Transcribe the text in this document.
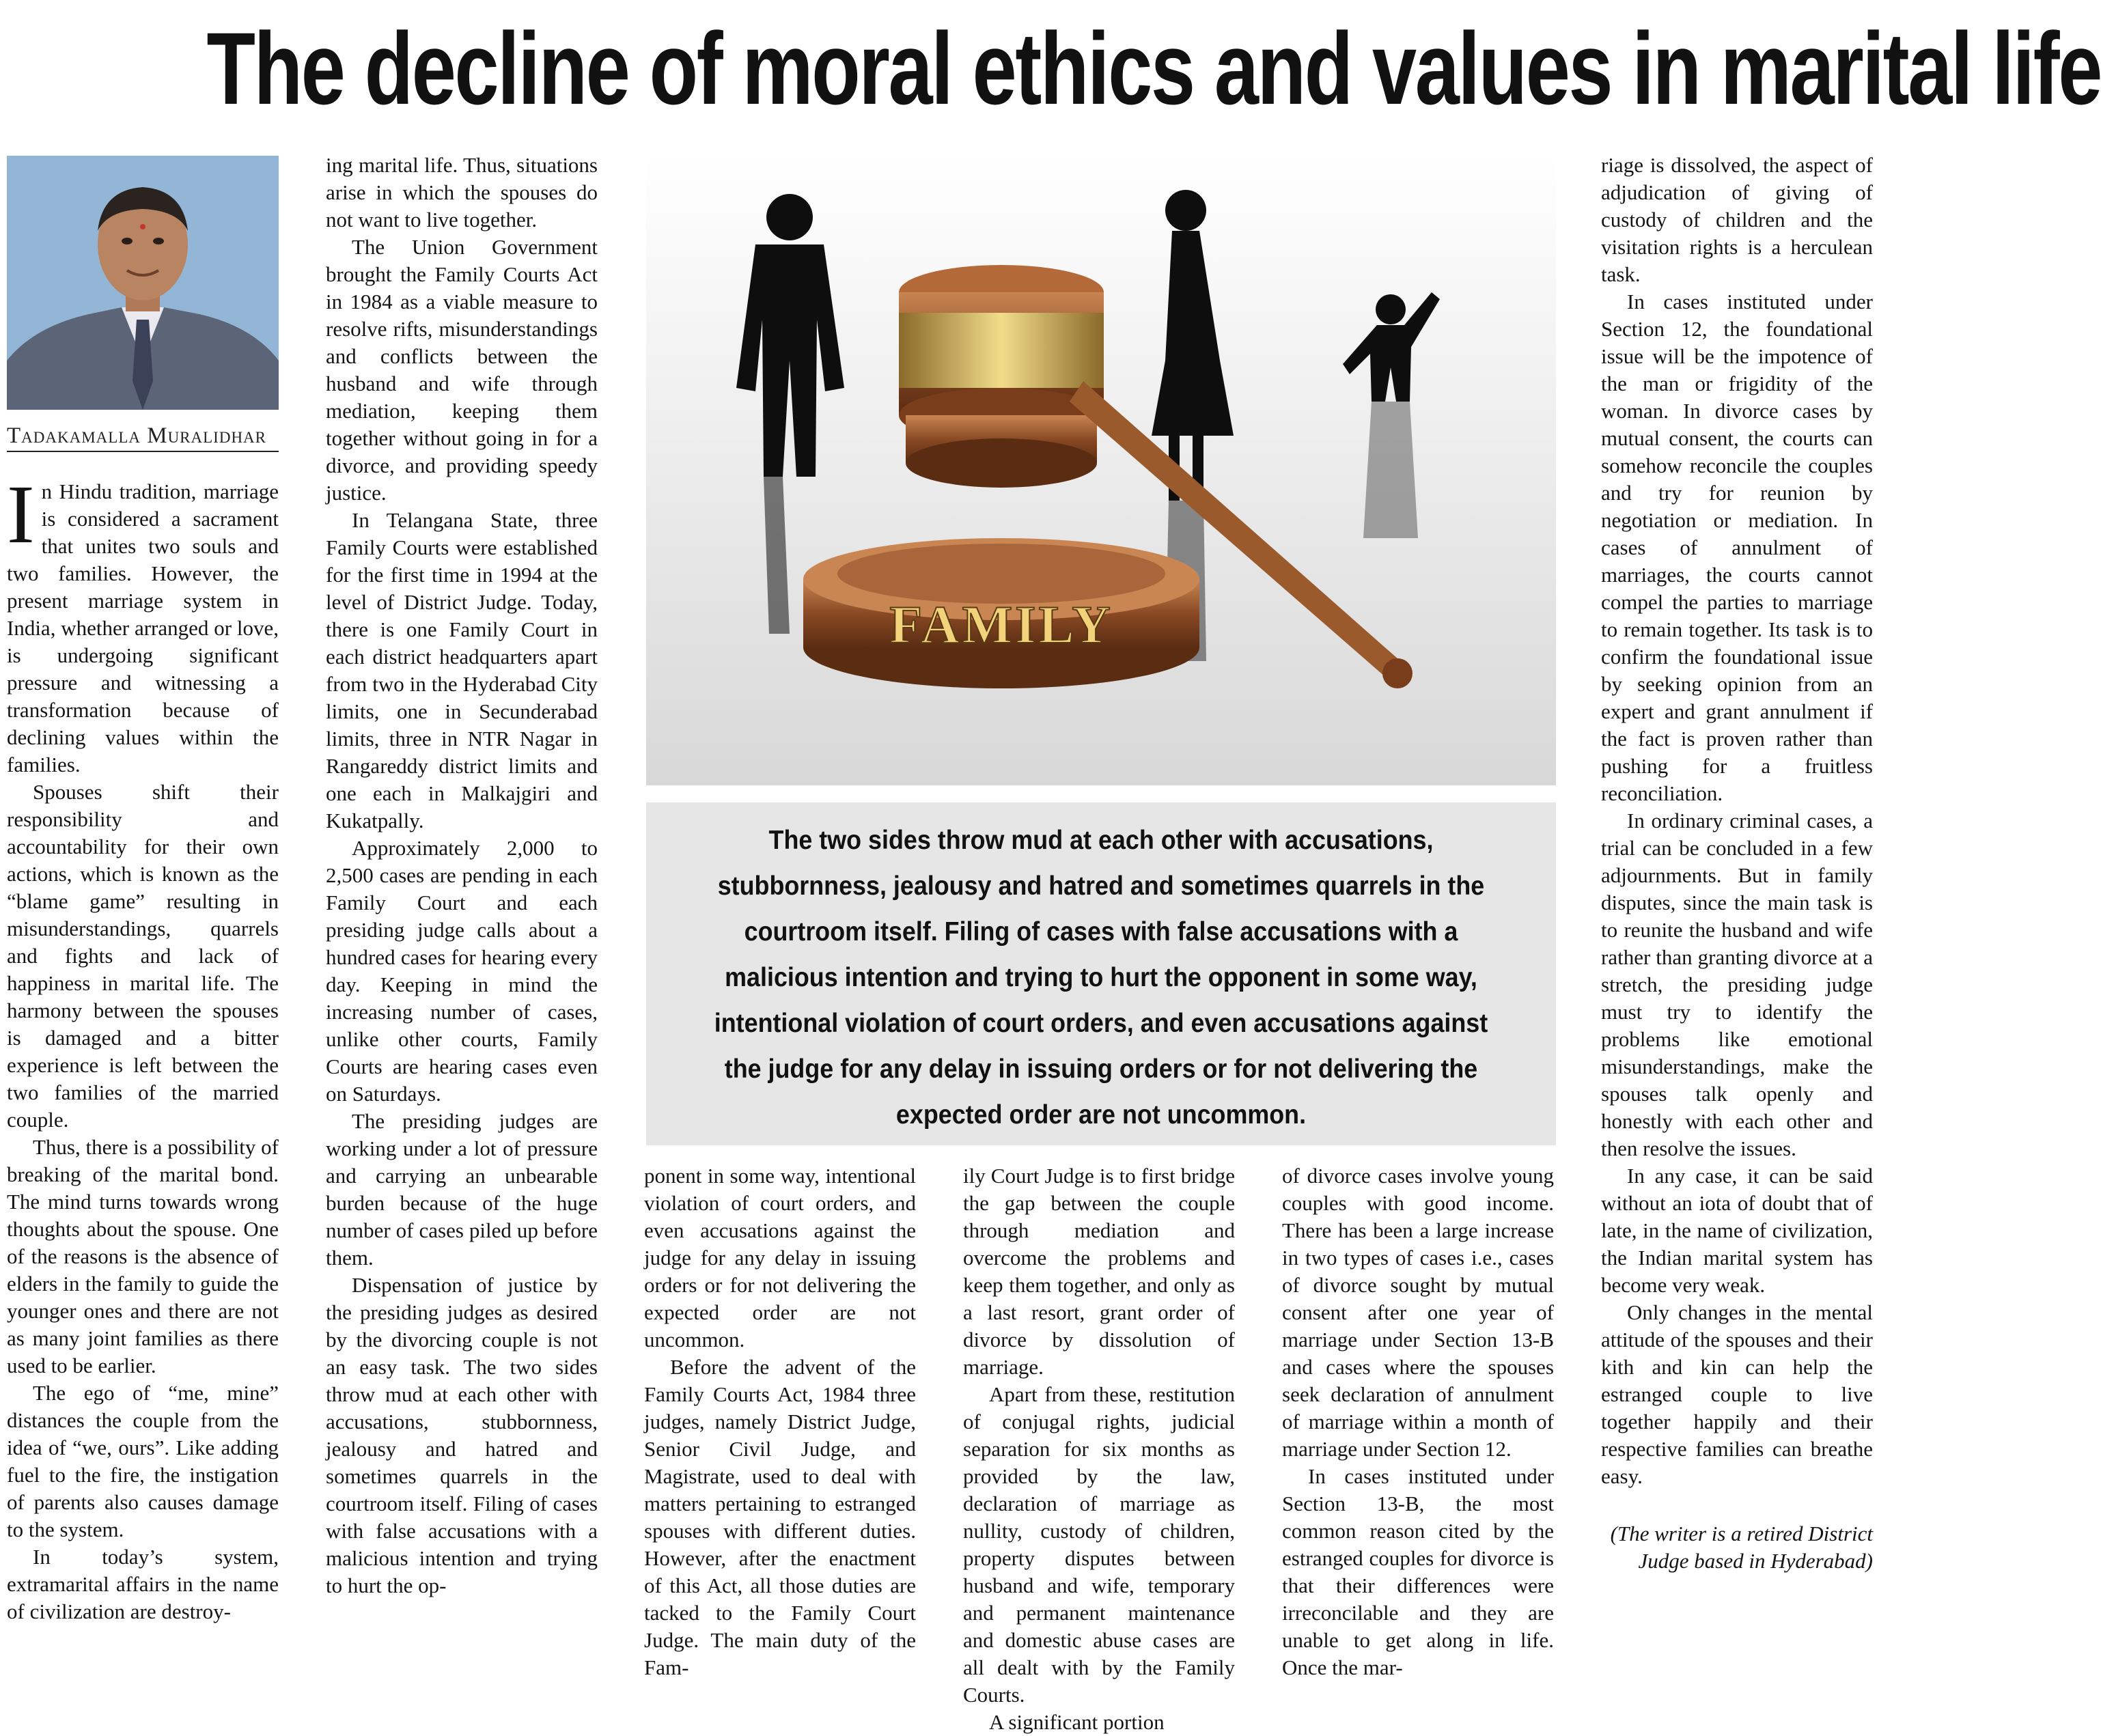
The decline of moral ethics and values in marital life
Tadakamalla Muralidhar

In Hindu tradition, marriage is considered a sacrament that unites two souls and two families. However, the present marriage system in India, whether arranged or love, is undergoing significant pressure and witnessing a transformation because of declining values within the families.

Spouses shift their responsibility and accountability for their own actions, which is known as the “blame game” resulting in misunderstandings, quarrels and fights and lack of happiness in marital life. The harmony between the spouses is damaged and a bitter experience is left between the two families of the married couple.

Thus, there is a possibility of breaking of the marital bond. The mind turns towards wrong thoughts about the spouse. One of the reasons is the absence of elders in the family to guide the younger ones and there are not as many joint families as there used to be earlier.

The ego of “me, mine” distances the couple from the idea of “we, ours”. Like adding fuel to the fire, the instigation of parents also causes damage to the system.

In today’s system, extramarital affairs in the name of civilization are destroy-

ing marital life. Thus, situations arise in which the spouses do not want to live together.

The Union Government brought the Family Courts Act in 1984 as a viable measure to resolve rifts, misunderstandings and conflicts between the husband and wife through mediation, keeping them together without going in for a divorce, and providing speedy justice.

In Telangana State, three Family Courts were established for the first time in 1994 at the level of District Judge. Today, there is one Family Court in each district headquarters apart from two in the Hyderabad City limits, one in Secunderabad limits, three in NTR Nagar in Rangareddy district limits and one each in Malkajgiri and Kukatpally.

Approximately 2,000 to 2,500 cases are pending in each Family Court and each presiding judge calls about a hundred cases for hearing every day. Keeping in mind the increasing number of cases, unlike other courts, Family Courts are hearing cases even on Saturdays.

The presiding judges are working under a lot of pressure and carrying an unbearable burden because of the huge number of cases piled up before them.

Dispensation of justice by the presiding judges as desired by the divorcing couple is not an easy task. The two sides throw mud at each other with accusations, stubbornness, jealousy and hatred and sometimes quarrels in the courtroom itself. Filing of cases with false accusations with a malicious intention and trying to hurt the op-

FAMILY
The two sides throw mud at each other with accusations, stubbornness, jealousy and hatred and sometimes quarrels in the courtroom itself. Filing of cases with false accusations with a malicious intention and trying to hurt the opponent in some way, intentional violation of court orders, and even accusations against the judge for any delay in issuing orders or for not delivering the expected order are not uncommon.

ponent in some way, intentional violation of court orders, and even accusations against the judge for any delay in issuing orders or for not delivering the expected order are not uncommon.

Before the advent of the Family Courts Act, 1984 three judges, namely District Judge, Senior Civil Judge, and Magistrate, used to deal with matters pertaining to estranged spouses with different duties. However, after the enactment of this Act, all those duties are tacked to the Family Court Judge. The main duty of the Fam-

ily Court Judge is to first bridge the gap between the couple through mediation and overcome the problems and keep them together, and only as a last resort, grant order of divorce by dissolution of marriage.

Apart from these, restitution of conjugal rights, judicial separation for six months as provided by the law, declaration of marriage as nullity, custody of children, property disputes between husband and wife, temporary and permanent maintenance and domestic abuse cases are all dealt with by the Family Courts.

A significant portion

of divorce cases involve young couples with good income. There has been a large increase in two types of cases i.e., cases of divorce sought by mutual consent after one year of marriage under Section 13-B and cases where the spouses seek declaration of annulment of marriage within a month of marriage under Section 12.

In cases instituted under Section 13-B, the most common reason cited by the estranged couples for divorce is that their differences were irreconcilable and they are unable to get along in life. Once the mar-

riage is dissolved, the aspect of adjudication of giving of custody of children and the visitation rights is a herculean task.

In cases instituted under Section 12, the foundational issue will be the impotence of the man or frigidity of the woman. In divorce cases by mutual consent, the courts can somehow reconcile the couples and try for reunion by negotiation or mediation. In cases of annulment of marriages, the courts cannot compel the parties to marriage to remain together. Its task is to confirm the foundational issue by seeking opinion from an expert and grant annulment if the fact is proven rather than pushing for a fruitless reconciliation.

In ordinary criminal cases, a trial can be concluded in a few adjournments. But in family disputes, since the main task is to reunite the husband and wife rather than granting divorce at a stretch, the presiding judge must try to identify the problems like emotional misunderstandings, make the spouses talk openly and honestly with each other and then resolve the issues.

In any case, it can be said without an iota of doubt that of late, in the name of civilization, the Indian marital system has become very weak.

Only changes in the mental attitude of the spouses and their kith and kin can help the estranged couple to live together happily and their respective families can breathe easy.

(The writer is a retired District Judge based in Hyderabad)
